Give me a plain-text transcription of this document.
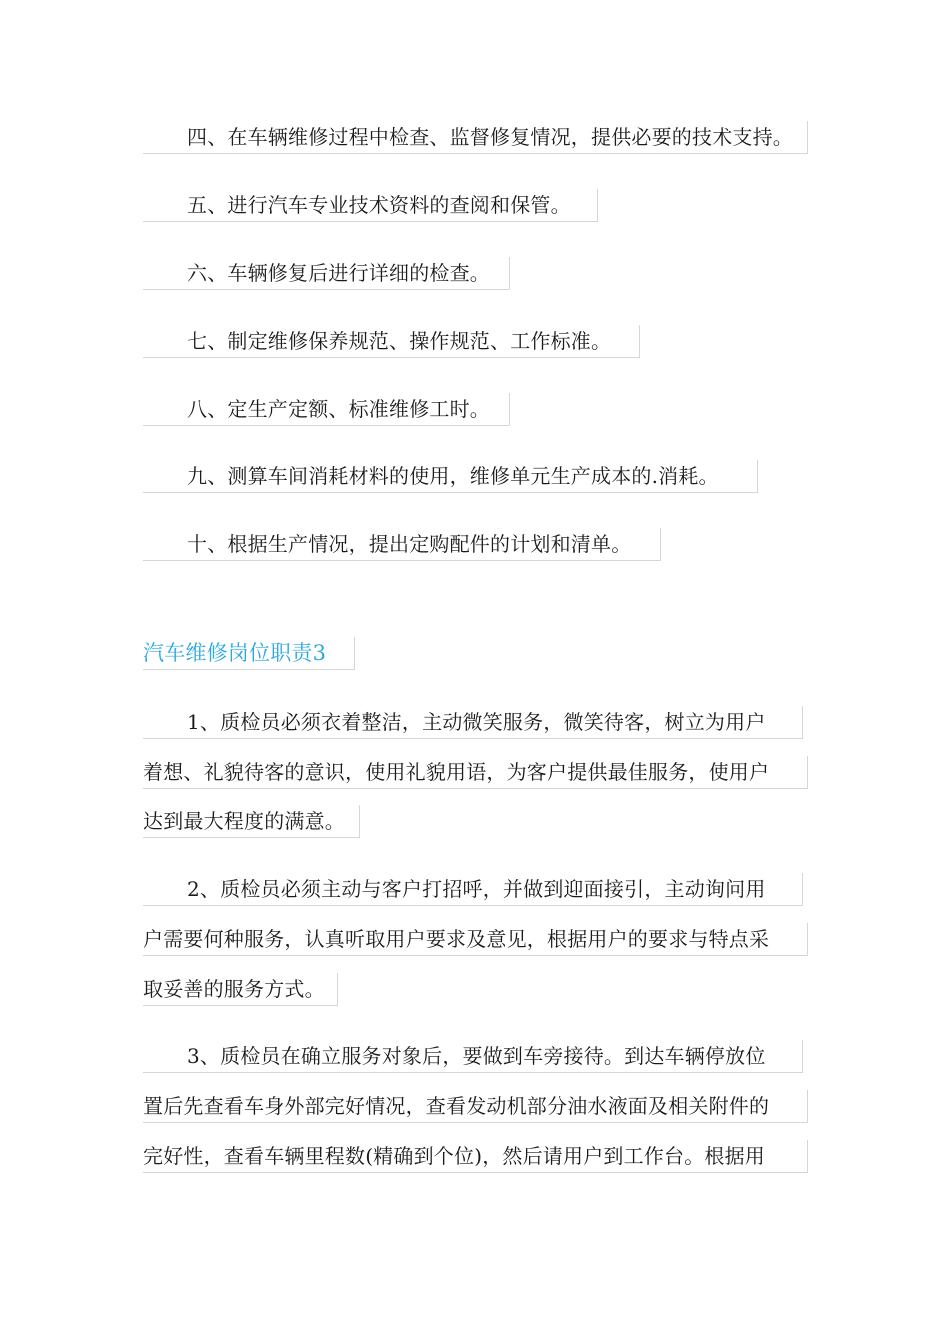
四、在车辆维修过程中检查、监督修复情况，提供必要的技术支持。
五、进行汽车专业技术资料的查阅和保管。
六、车辆修复后进行详细的检查。
七、制定维修保养规范、操作规范、工作标准。
八、定生产定额、标准维修工时。
九、测算车间消耗材料的使用，维修单元生产成本的.消耗。
十、根据生产情况，提出定购配件的计划和清单。
汽车维修岗位职责3
1、质检员必须衣着整洁，主动微笑服务，微笑待客，树立为用户
着想、礼貌待客的意识，使用礼貌用语，为客户提供最佳服务，使用户
达到最大程度的满意。
2、质检员必须主动与客户打招呼，并做到迎面接引，主动询问用
户需要何种服务，认真听取用户要求及意见，根据用户的要求与特点采
取妥善的服务方式。
3、质检员在确立服务对象后，要做到车旁接待。到达车辆停放位
置后先查看车身外部完好情况，查看发动机部分油水液面及相关附件的
完好性，查看车辆里程数(精确到个位)，然后请用户到工作台。根据用
